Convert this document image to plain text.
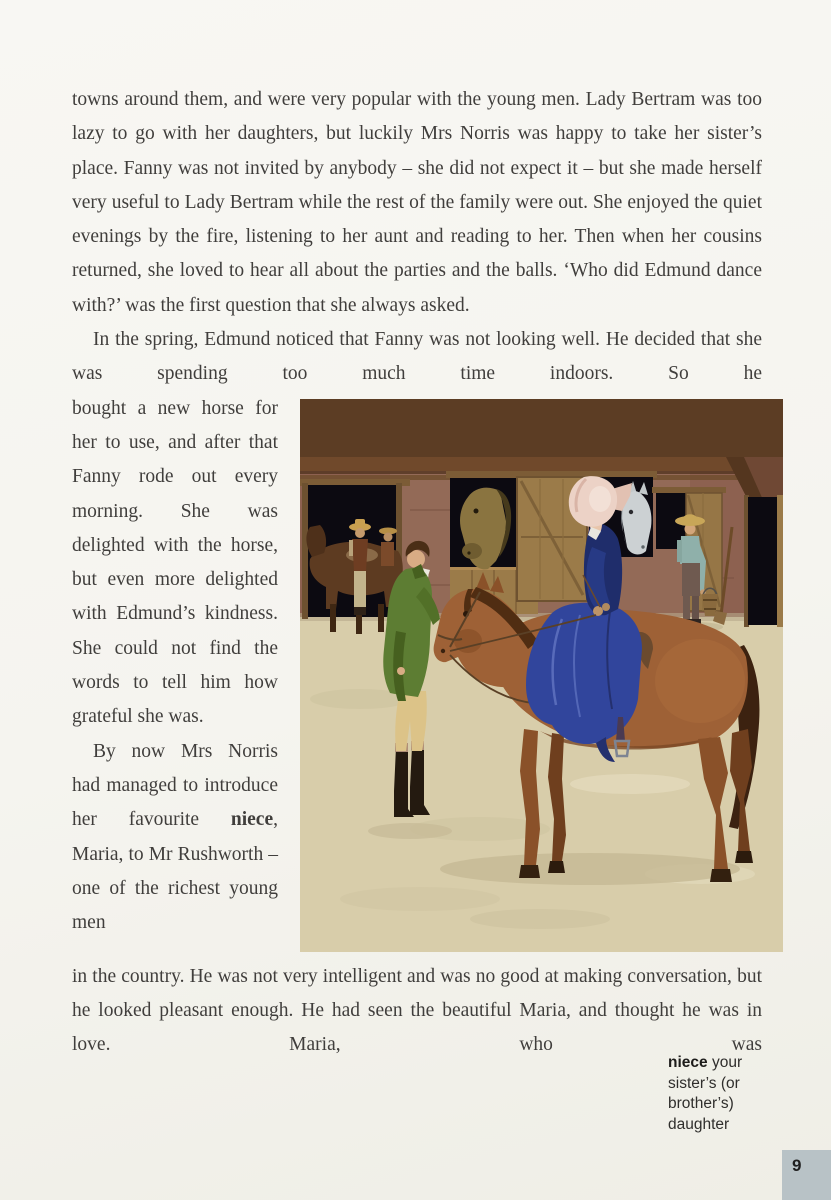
towns around them, and were very popular with the young men. Lady Bertram was too lazy to go with her daughters, but luckily Mrs Norris was happy to take her sister’s place. Fanny was not invited by anybody – she did not expect it – but she made herself very useful to Lady Bertram while the rest of the family were out. She enjoyed the quiet evenings by the fire, listening to her aunt and reading to her. Then when her cousins returned, she loved to hear all about the parties and the balls. ‘Who did Edmund dance with?’ was the first question that she always asked.

In the spring, Edmund noticed that Fanny was not looking well. He decided that she was spending too much time indoors. So he

bought a new horse for her to use, and after that Fanny rode out every morning. She was delighted with the horse, but even more delighted with Edmund’s kindness. She could not find the words to tell him how grateful she was.

By now Mrs Norris had managed to introduce her favourite niece, Maria, to Mr Rushworth – one of the richest young men

in the country. He was not very intelligent and was no good at making conversation, but he looked pleasant enough. He had seen the beautiful Maria, and thought he was in love. Maria, who was

niece your sister’s (or brother’s) daughter
9
